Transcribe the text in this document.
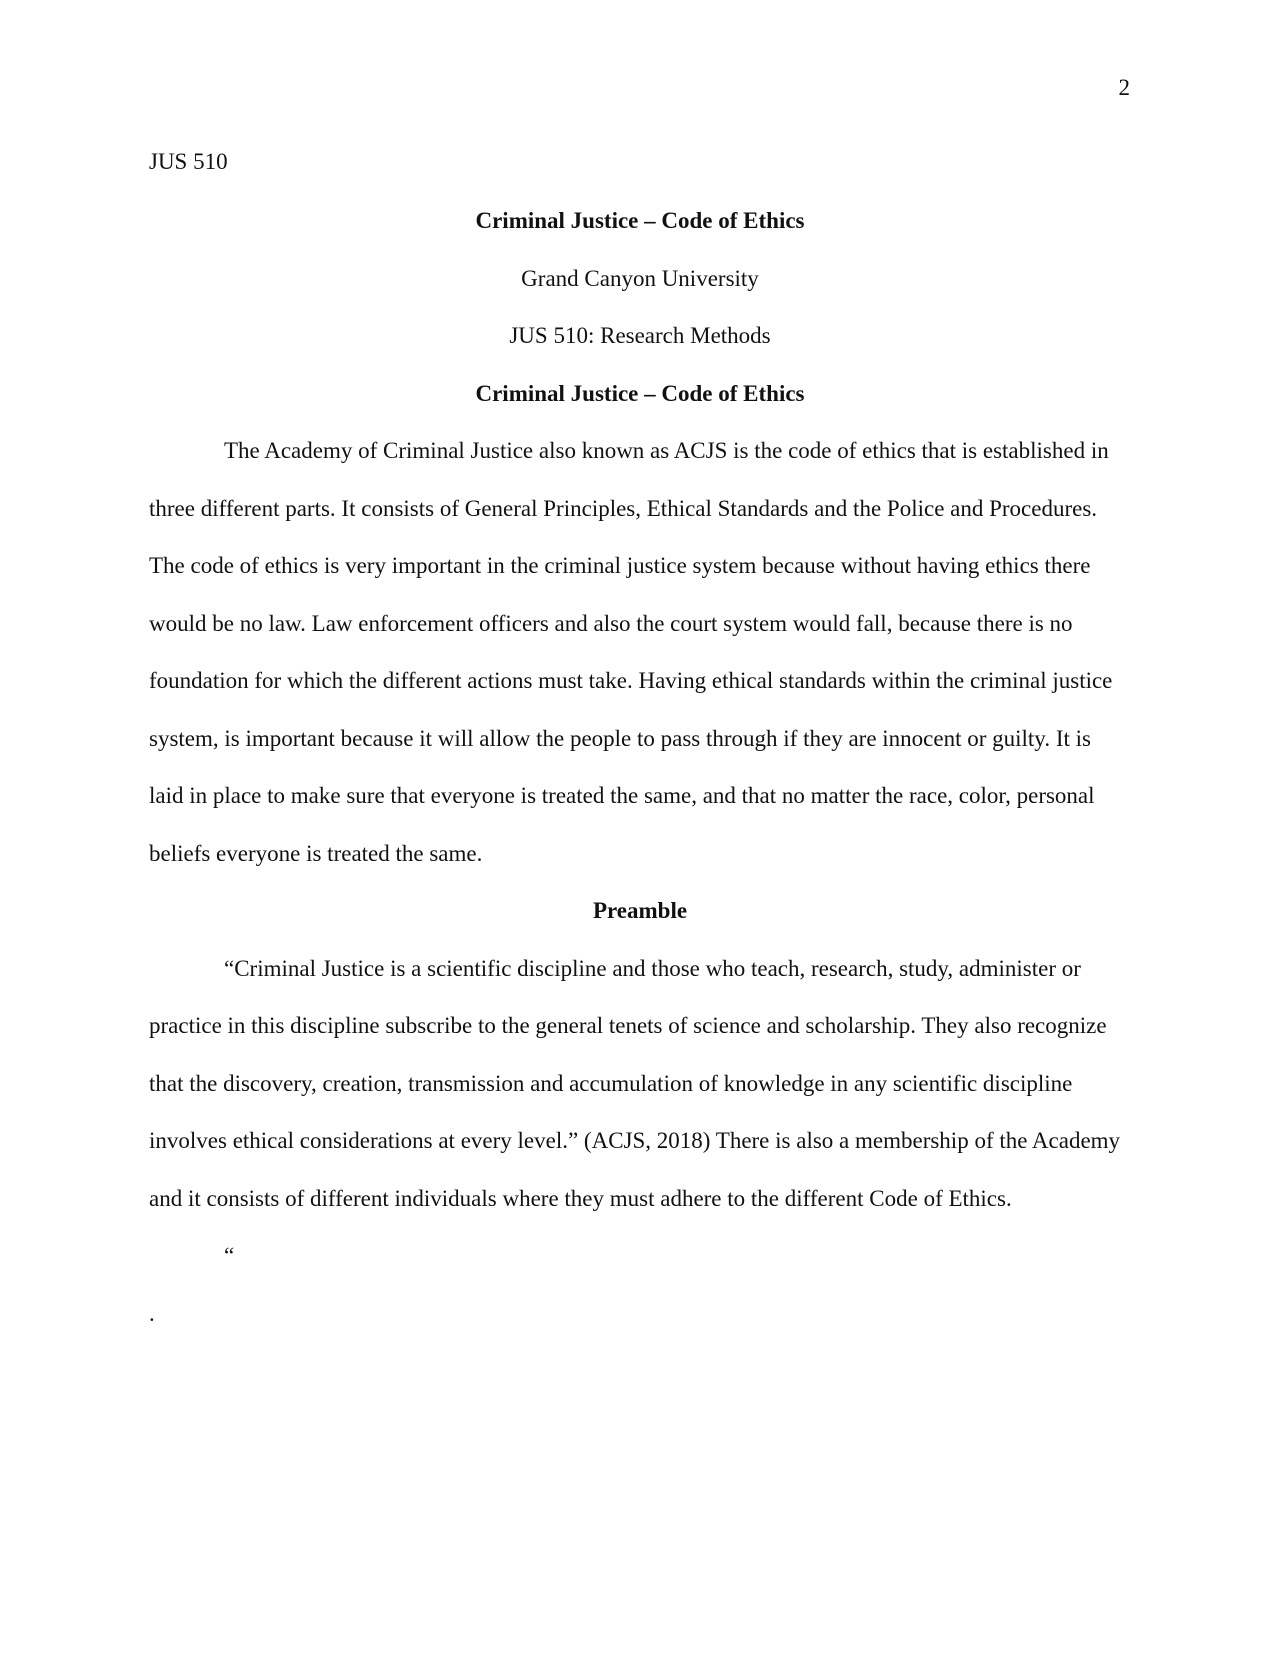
2
JUS 510

Criminal Justice – Code of Ethics

Grand Canyon University

JUS 510: Research Methods

Criminal Justice – Code of Ethics

The Academy of Criminal Justice also known as ACJS is the code of ethics that is established in three different parts. It consists of General Principles, Ethical Standards and the Police and Procedures. The code of ethics is very important in the criminal justice system because without having ethics there would be no law. Law enforcement officers and also the court system would fall, because there is no foundation for which the different actions must take. Having ethical standards within the criminal justice system, is important because it will allow the people to pass through if they are innocent or guilty. It is laid in place to make sure that everyone is treated the same, and that no matter the race, color, personal beliefs everyone is treated the same.

Preamble

“Criminal Justice is a scientific discipline and those who teach, research, study, administer or practice in this discipline subscribe to the general tenets of science and scholarship. They also recognize that the discovery, creation, transmission and accumulation of knowledge in any scientific discipline involves ethical considerations at every level.” (ACJS, 2018) There is also a membership of the Academy and it consists of different individuals where they must adhere to the different Code of Ethics.

“

.
